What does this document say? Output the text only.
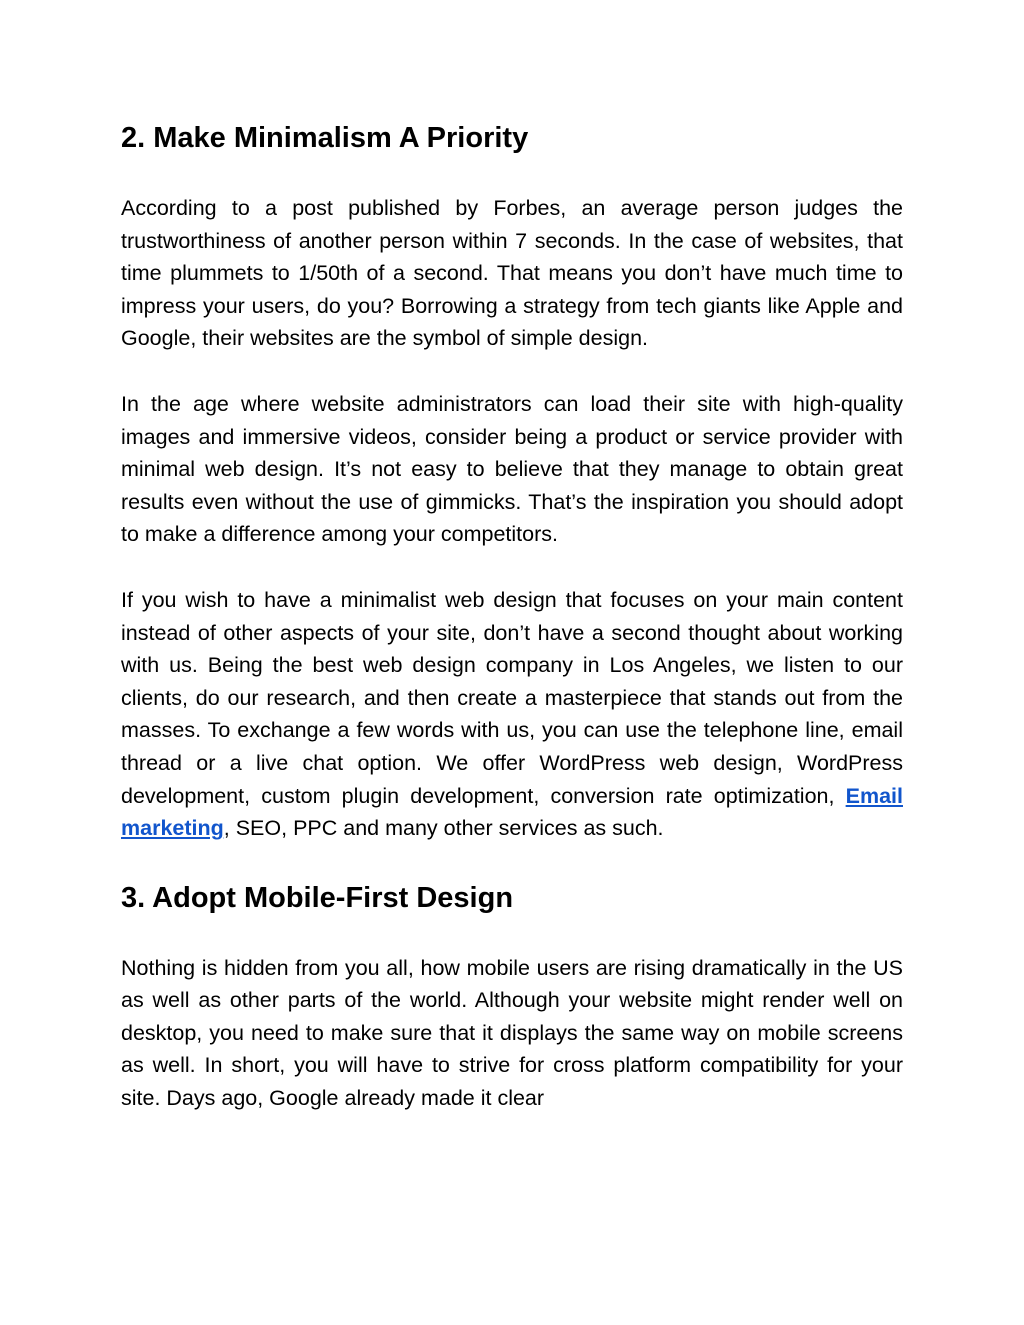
2. Make Minimalism A Priority

According to a post published by Forbes, an average person judges the trustworthiness of another person within 7 seconds. In the case of websites, that time plummets to 1/50th of a second. That means you don’t have much time to impress your users, do you? Borrowing a strategy from tech giants like Apple and Google, their websites are the symbol of simple design.

In the age where website administrators can load their site with high-quality images and immersive videos, consider being a product or service provider with minimal web design. It’s not easy to believe that they manage to obtain great results even without the use of gimmicks. That’s the inspiration you should adopt to make a difference among your competitors.

If you wish to have a minimalist web design that focuses on your main content instead of other aspects of your site, don’t have a second thought about working with us. Being the best web design company in Los Angeles, we listen to our clients, do our research, and then create a masterpiece that stands out from the masses. To exchange a few words with us, you can use the telephone line, email thread or a live chat option. We offer WordPress web design, WordPress development, custom plugin development, conversion rate optimization, Email marketing, SEO, PPC and many other services as such.

3. Adopt Mobile-First Design

Nothing is hidden from you all, how mobile users are rising dramatically in the US as well as other parts of the world. Although your website might render well on desktop, you need to make sure that it displays the same way on mobile screens as well. In short, you will have to strive for cross platform compatibility for your site. Days ago, Google already made it clear
